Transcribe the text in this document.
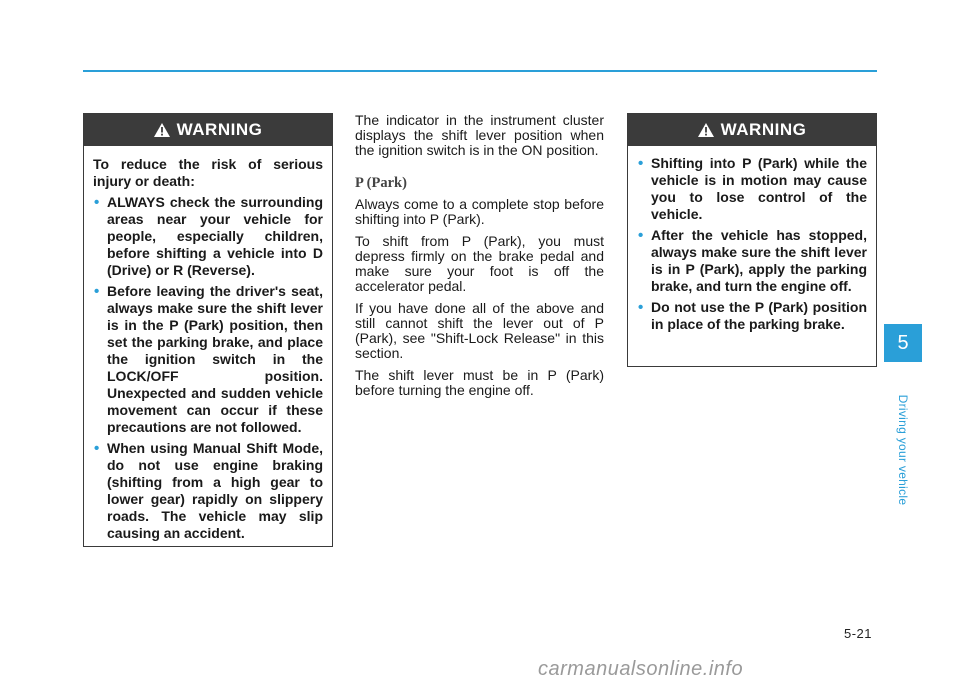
WARNING

To reduce the risk of serious injury or death:

• ALWAYS check the surrounding areas near your vehicle for people, especially children, before shifting a vehicle into D (Drive) or R (Reverse).
• Before leaving the driver's seat, always make sure the shift lever is in the P (Park) position, then set the parking brake, and place the ignition switch in the LOCK/OFF position. Unexpected and sudden vehicle movement can occur if these precautions are not followed.
• When using Manual Shift Mode, do not use engine braking (shifting from a high gear to lower gear) rapidly on slippery roads. The vehicle may slip causing an accident.

The indicator in the instrument cluster displays the shift lever position when the ignition switch is in the ON position.

P (Park)

Always come to a complete stop before shifting into P (Park).

To shift from P (Park), you must depress firmly on the brake pedal and make sure your foot is off the accelerator pedal.

If you have done all of the above and still cannot shift the lever out of P (Park), see "Shift-Lock Release" in this section.

The shift lever must be in P (Park) before turning the engine off.

WARNING
• Shifting into P (Park) while the vehicle is in motion may cause you to lose control of the vehicle.
• After the vehicle has stopped, always make sure the shift lever is in P (Park), apply the parking brake, and turn the engine off.
• Do not use the P (Park) position in place of the parking brake.
5
Driving your vehicle
5-21
carmanualsonline.info
